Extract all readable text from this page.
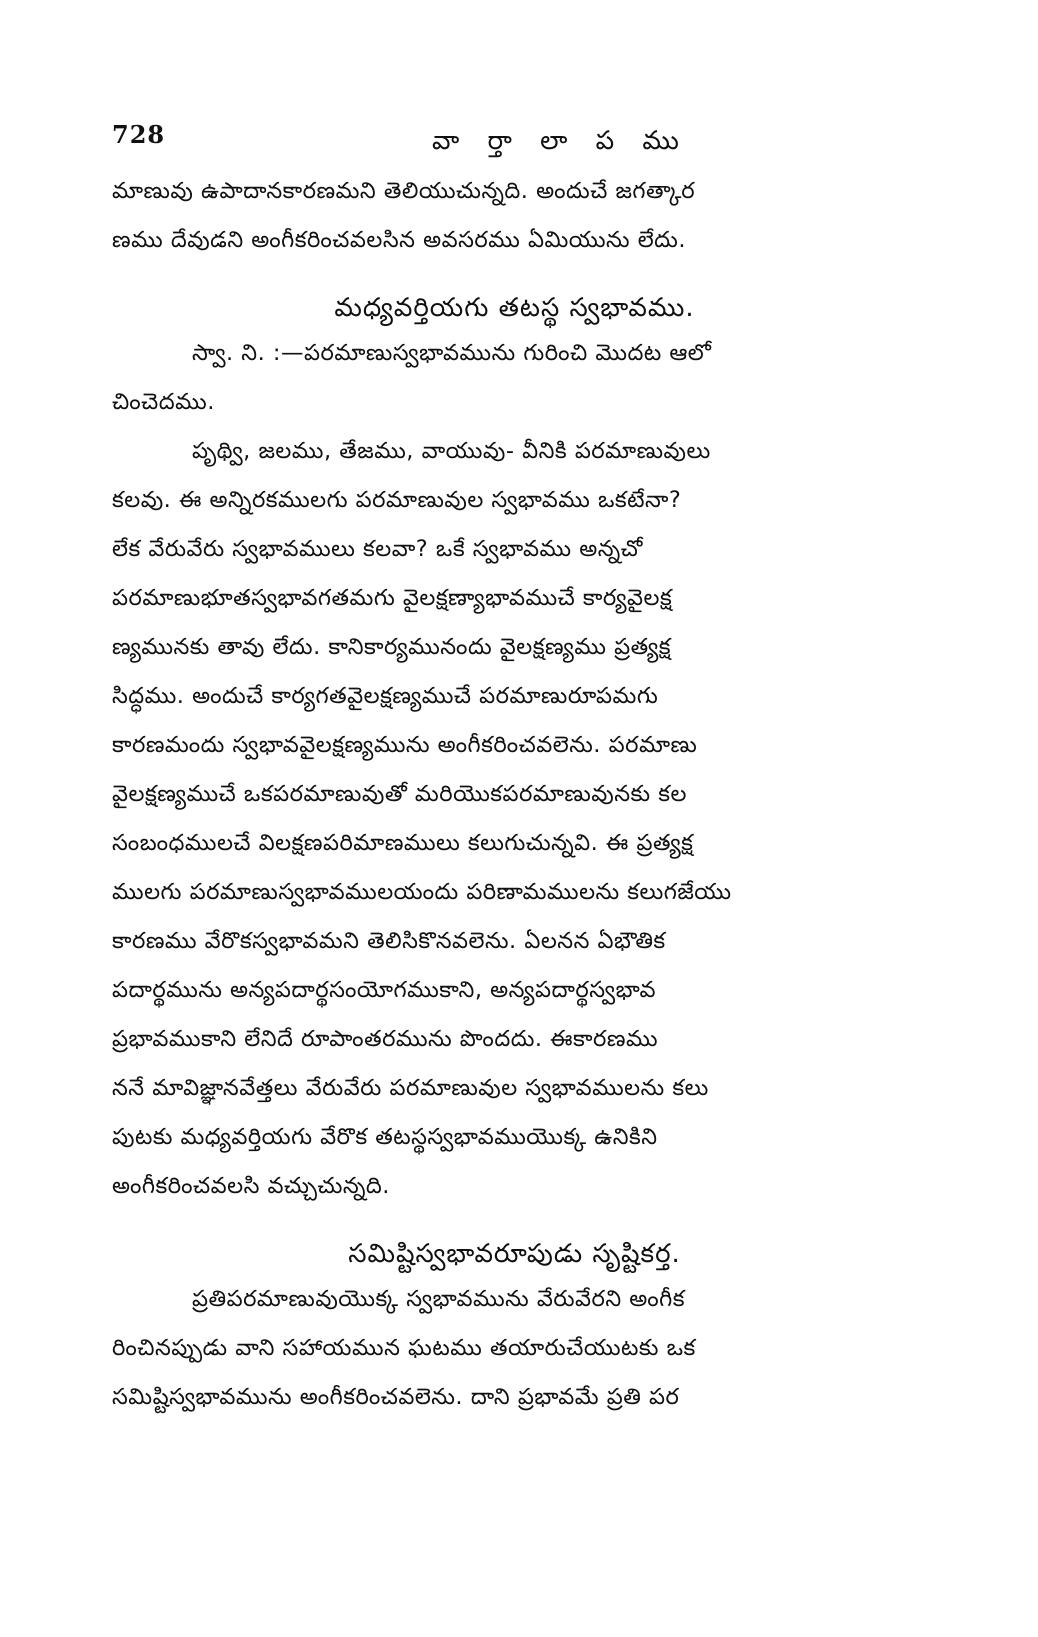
728	వా ర్తా లా ప ము
మాణువు ఉపాదానకారణమని తెలియుచున్నది. అందుచే జగత్కార
ణము దేవుడని అంగీకరించవలసిన అవసరము ఏమియును లేదు.
మధ్యవర్తియగు తటస్థ స్వభావము.
స్వా. ని. :—పరమాణుస్వభావమును గురించి మొదట ఆలో
చించెదము.
పృథ్వి, జలము, తేజము, వాయువు- వీనికి పరమాణువులు
కలవు. ఈ అన్నిరకములగు పరమాణువుల స్వభావము ఒకటేనా?
లేక వేరువేరు స్వభావములు కలవా? ఒకే స్వభావము అన్నచో
పరమాణుభూతస్వభావగతమగు వైలక్షణ్యాభావముచే కార్యవైలక్ష
ణ్యమునకు తావు లేదు. కానికార్యమునందు వైలక్షణ్యము ప్రత్యక్ష
సిద్ధము. అందుచే కార్యగతవైలక్షణ్యముచే పరమాణురూపమగు
కారణమందు స్వభావవైలక్షణ్యమును అంగీకరించవలెను. పరమాణు
వైలక్షణ్యముచే ఒకపరమాణువుతో మరియొకపరమాణువునకు కల
సంబంధములచే విలక్షణపరిమాణములు కలుగుచున్నవి. ఈ ప్రత్యక్ష
ములగు పరమాణుస్వభావములయందు పరిణామములను కలుగజేయు
కారణము వేరొకస్వభావమని తెలిసికొనవలెను. ఏలనన ఏభౌతిక
పదార్థమును అన్యపదార్థసంయోగముకాని, అన్యపదార్థస్వభావ
ప్రభావముకాని లేనిదే రూపాంతరమును పొందదు. ఈకారణము
ననే మావిజ్ఞానవేత్తలు వేరువేరు పరమాణువుల స్వభావములను కలు
పుటకు మధ్యవర్తియగు వేరొక తటస్థస్వభావముయొక్క ఉనికిని
అంగీకరించవలసి వచ్చుచున్నది.
సమిష్టిస్వభావరూపుడు సృష్టికర్త.
ప్రతిపరమాణువుయొక్క స్వభావమును వేరువేరని అంగీక
రించినప్పుడు వాని సహాయమున ఘటము తయారుచేయుటకు ఒక
సమిష్టిస్వభావమును అంగీకరించవలెను. దాని ప్రభావమే ప్రతి పర
